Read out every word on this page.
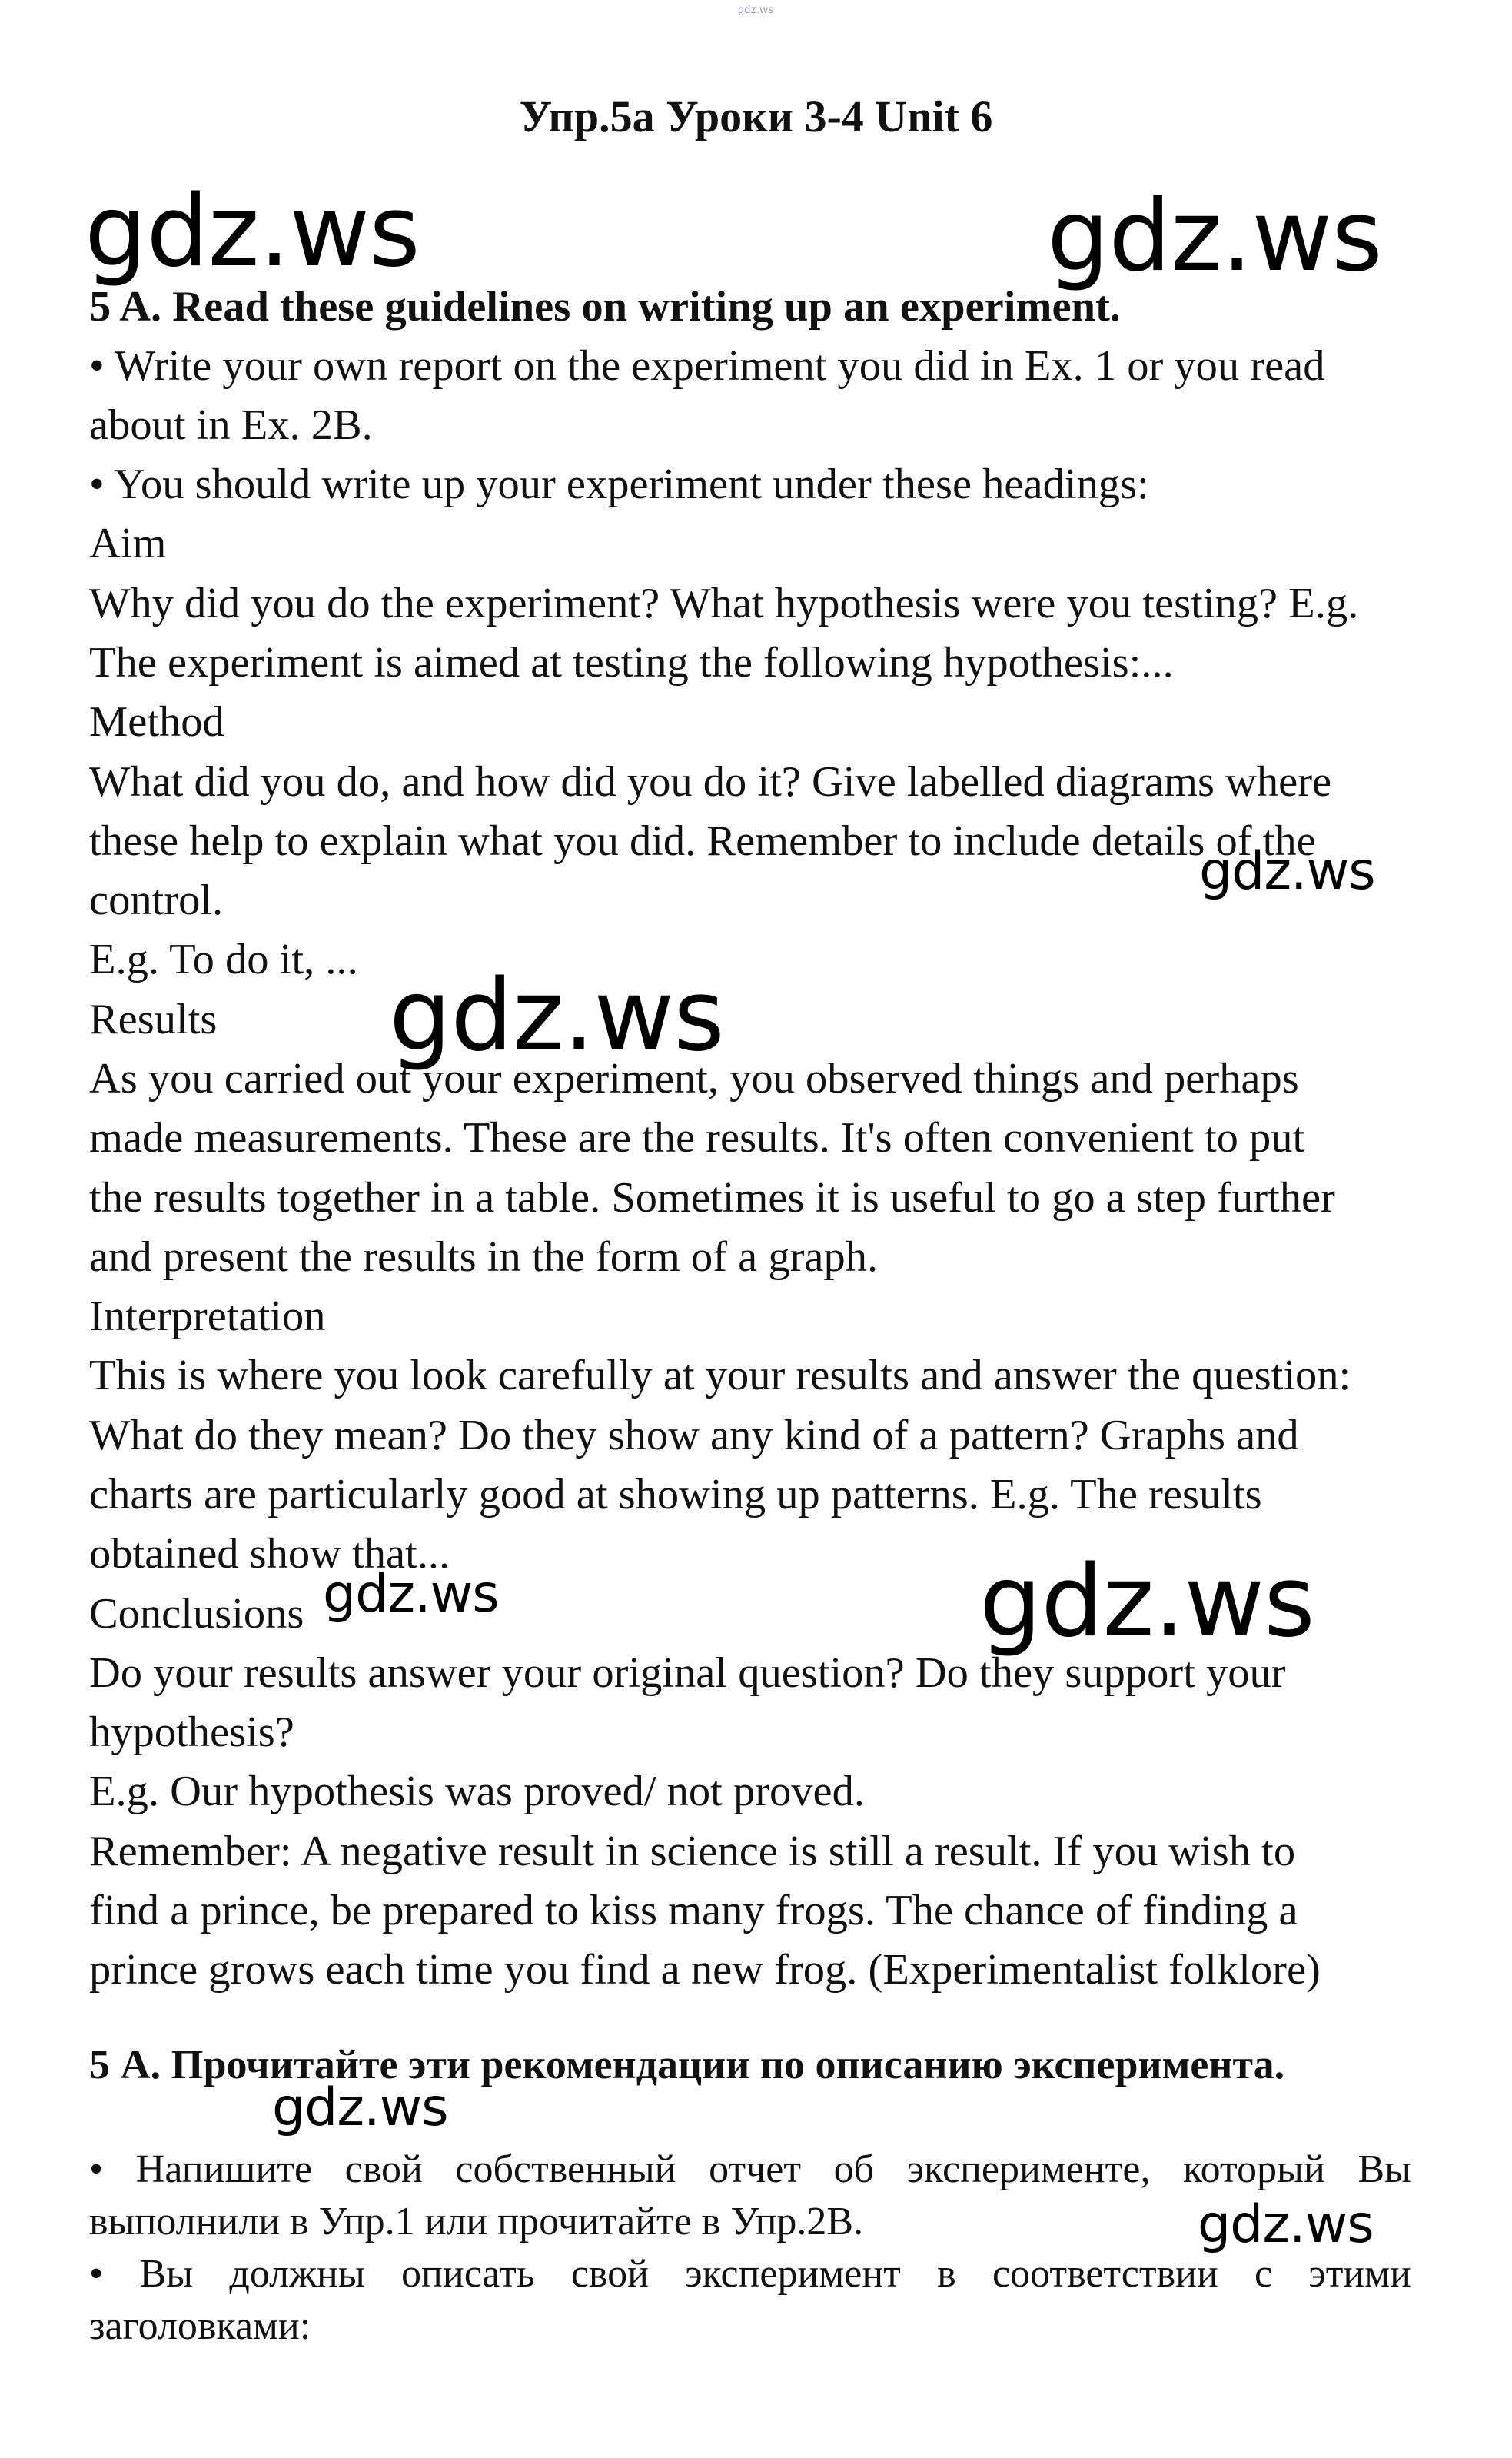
gdz.ws
Упр.5а Уроки 3-4 Unit 6
gdz.ws	gdz.ws
gdz.ws
gdz.ws
gdz.ws	gdz.ws
gdz.ws
gdz.ws
5 A. Read these guidelines on writing up an experiment.
• Write your own report on the experiment you did in Ex. 1 or you read
about in Ex. 2B.
• You should write up your experiment under these headings:
Aim
Why did you do the experiment? What hypothesis were you testing? E.g.
The experiment is aimed at testing the following hypothesis:...
Method
What did you do, and how did you do it? Give labelled diagrams where
these help to explain what you did. Remember to include details of the
control.
E.g. To do it, ...
Results
As you carried out your experiment, you observed things and perhaps
made measurements. These are the results. It's often convenient to put
the results together in a table. Sometimes it is useful to go a step further
and present the results in the form of a graph.
Interpretation
This is where you look carefully at your results and answer the question:
What do they mean? Do they show any kind of a pattern? Graphs and
charts are particularly good at showing up patterns. E.g. The results
obtained show that...
Conclusions
Do your results answer your original question? Do they support your
hypothesis?
E.g. Our hypothesis was proved/ not proved.
Remember: A negative result in science is still a result. If you wish to
find a prince, be prepared to kiss many frogs. The chance of finding a
prince grows each time you find a new frog. (Experimentalist folklore)
5 А. Прочитайте эти рекомендации по описанию эксперимента.
• Напишите свой собственный отчет об эксперименте, который Вы
выполнили в Упр.1 или прочитайте в Упр.2В.
• Вы должны описать свой эксперимент в соответствии с этими
заголовками:
